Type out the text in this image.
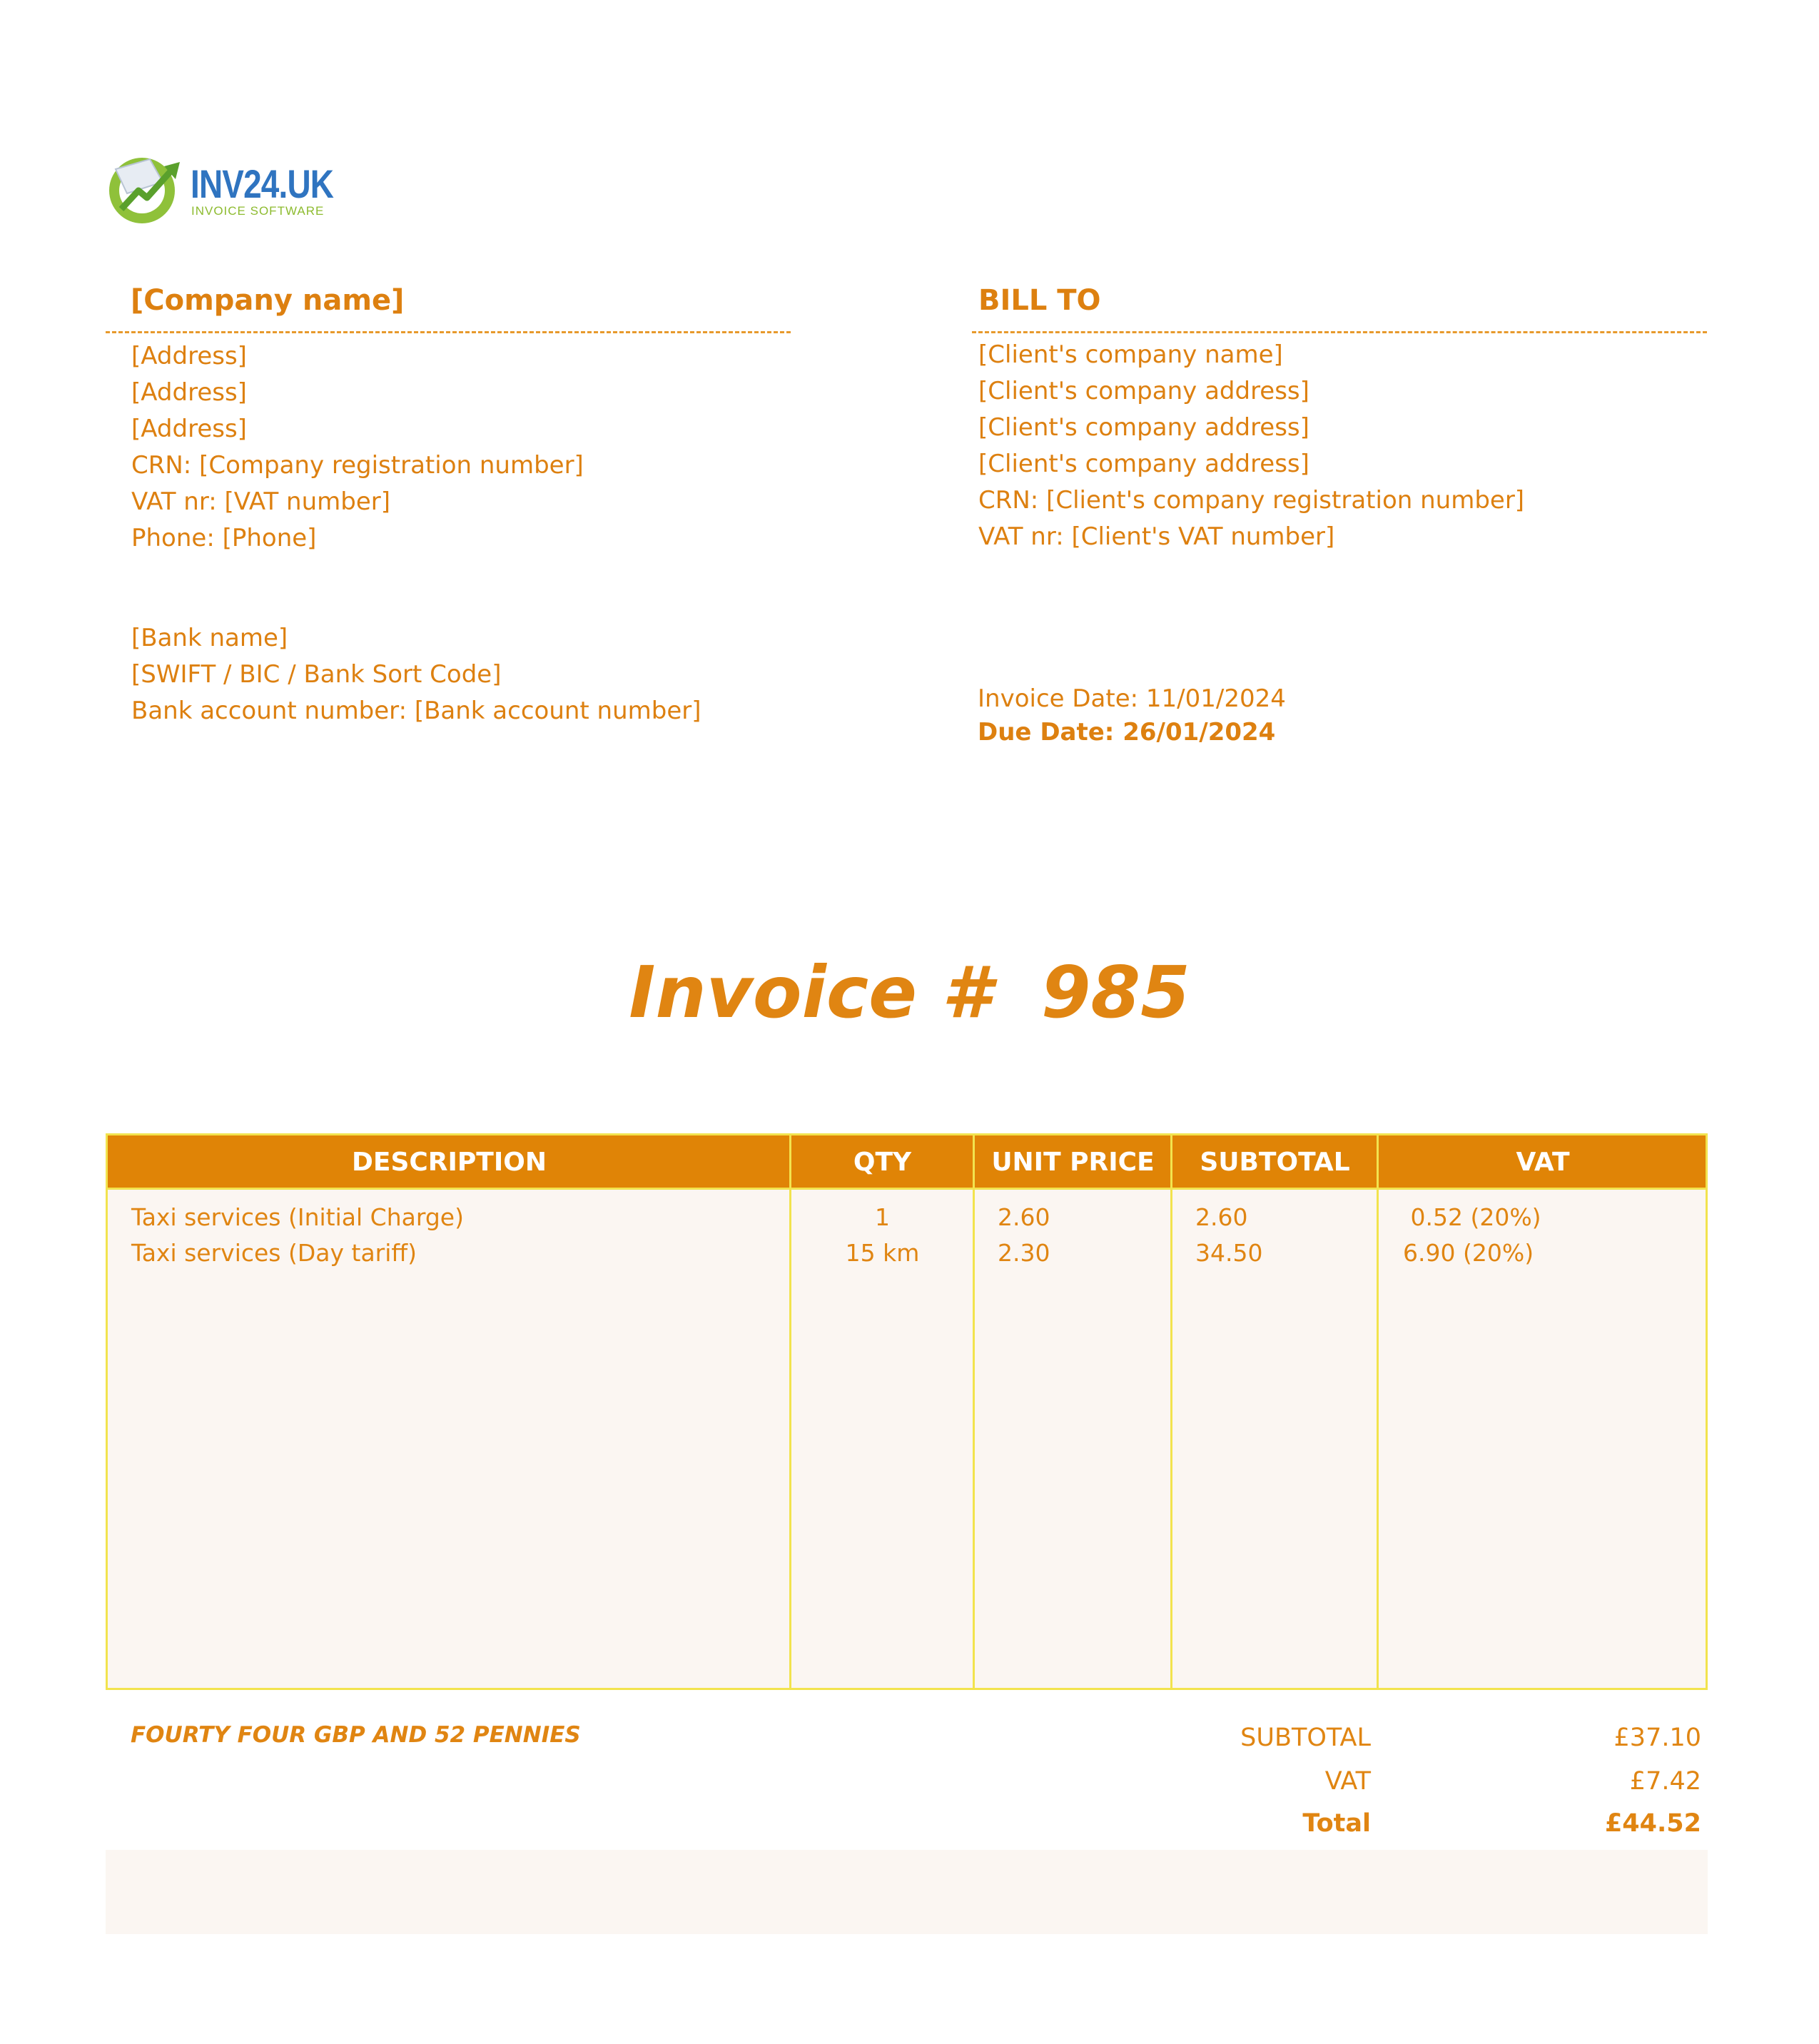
INV24.UK
INVOICE SOFTWARE
[Company name]
[Address]
[Address]
[Address]
CRN: [Company registration number]
VAT nr: [VAT number]
Phone: [Phone]
[Bank name]
[SWIFT / BIC / Bank Sort Code]
Bank account number: [Bank account number]
BILL TO
[Client's company name]
[Client's company address]
[Client's company address]
[Client's company address]
CRN: [Client's company registration number]
VAT nr: [Client's VAT number]
Invoice Date: 11/01/2024
Due Date: 26/01/2024
Invoice #  985
DESCRIPTION	QTY	UNIT PRICE	SUBTOTAL	VAT
Taxi services (Initial Charge)	1	2.60	2.60	0.52 (20%)
Taxi services (Day tariff)	15 km	2.30	34.50	6.90 (20%)
FOURTY FOUR GBP AND 52 PENNIES	SUBTOTAL	£37.10
VAT	£7.42
Total	£44.52
